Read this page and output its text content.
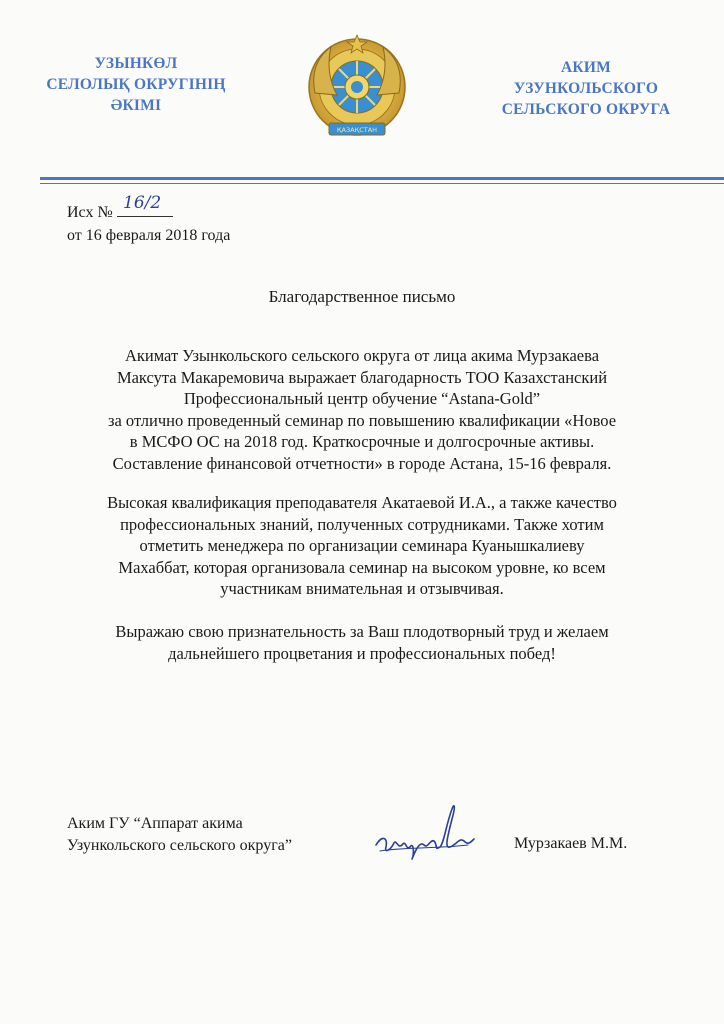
УЗЫНКӨЛ
СЕЛОЛЫҚ ОКРУГІНІҢ
ӘКІМІ
ҚАЗАҚСТАН
АКИМ
УЗУНКОЛЬСКОГО
СЕЛЬСКОГО ОКРУГА
Исх № 16/2
от 16 февраля 2018 года
Благодарственное письмо
Акимат Узынкольского сельского округа от лица акима Мурзакаева
Максута Макаремовича выражает благодарность ТОО Казахстанский
Профессиональный центр обучение “Astana-Gold”
за отлично проведенный семинар по повышению квалификации «Новое
в МСФО ОС на 2018 год. Краткосрочные и долгосрочные активы.
Составление финансовой отчетности» в городе Астана, 15-16 февраля.
Высокая квалификация преподавателя Акатаевой И.А., а также качество
профессиональных знаний, полученных сотрудниками. Также хотим
отметить менеджера по организации семинара Куанышкалиеву
Махаббат, которая организовала семинар на высоком уровне, ко всем
участникам внимательная и отзывчивая.
Выражаю свою признательность за Ваш плодотворный труд и желаем
дальнейшего процветания и профессиональных побед!
Аким ГУ “Аппарат акима
Узункольского сельского округа”	Мурзакаев М.М.
